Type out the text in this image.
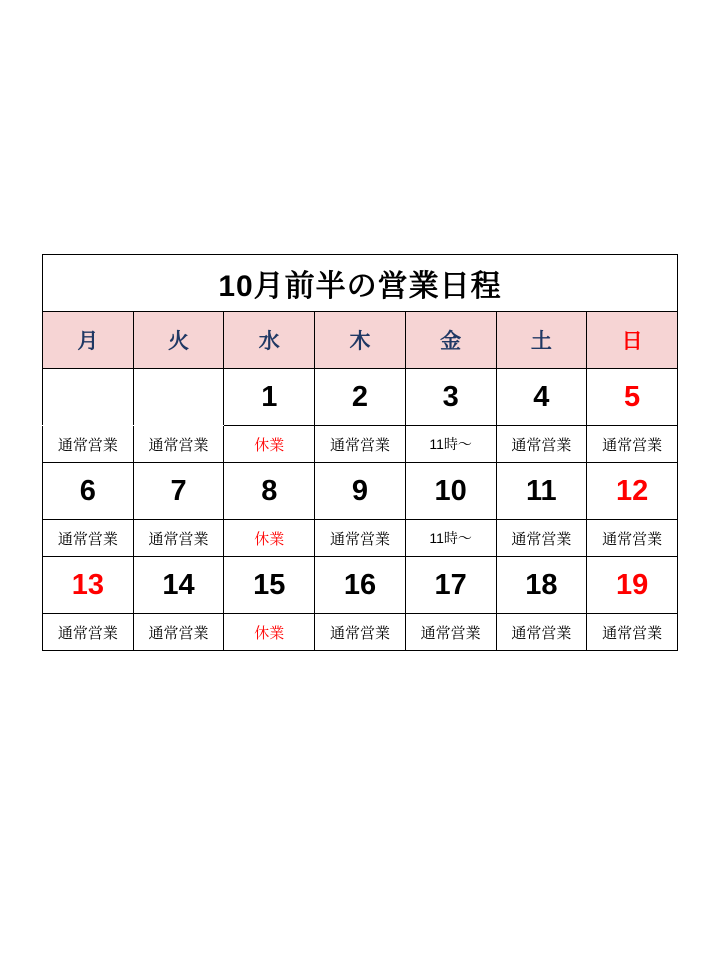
10月前半の営業日程						
月	火	水	木	金	土	日
		1	2	3	4	5
通常営業	通常営業	休業	通常営業	11時～	通常営業	通常営業
6	7	8	9	10	11	12
通常営業	通常営業	休業	通常営業	11時～	通常営業	通常営業
13	14	15	16	17	18	19
通常営業	通常営業	休業	通常営業	通常営業	通常営業	通常営業
